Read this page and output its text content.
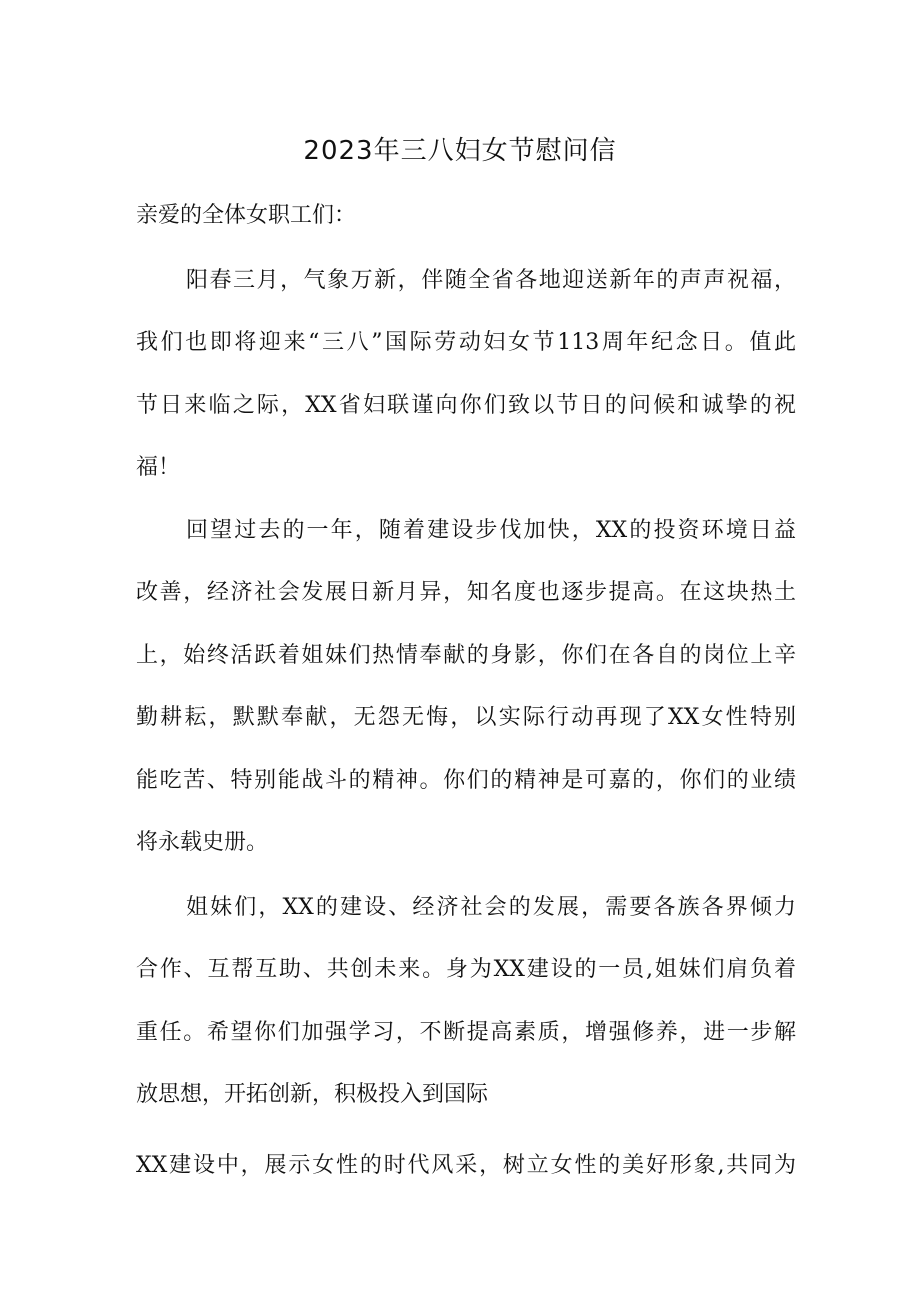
2023年三八妇女节慰问信
亲爱的全体女职工们：
阳春三月，气象万新，伴随全省各地迎送新年的声声祝福，
我们也即将迎来“三八”国际劳动妇女节113周年纪念日。值此
节日来临之际，XX省妇联谨向你们致以节日的问候和诚挚的祝
福！
回望过去的一年，随着建设步伐加快，XX的投资环境日益
改善，经济社会发展日新月异，知名度也逐步提高。在这块热土
上，始终活跃着姐妹们热情奉献的身影，你们在各自的岗位上辛
勤耕耘，默默奉献，无怨无悔，以实际行动再现了XX女性特别
能吃苦、特别能战斗的精神。你们的精神是可嘉的，你们的业绩
将永载史册。
姐妹们，XX的建设、经济社会的发展，需要各族各界倾力
合作、互帮互助、共创未来。身为XX建设的一员,姐妹们肩负着
重任。希望你们加强学习，不断提高素质，增强修养，进一步解
放思想，开拓创新，积极投入到国际
XX建设中，展示女性的时代风采，树立女性的美好形象,共同为
